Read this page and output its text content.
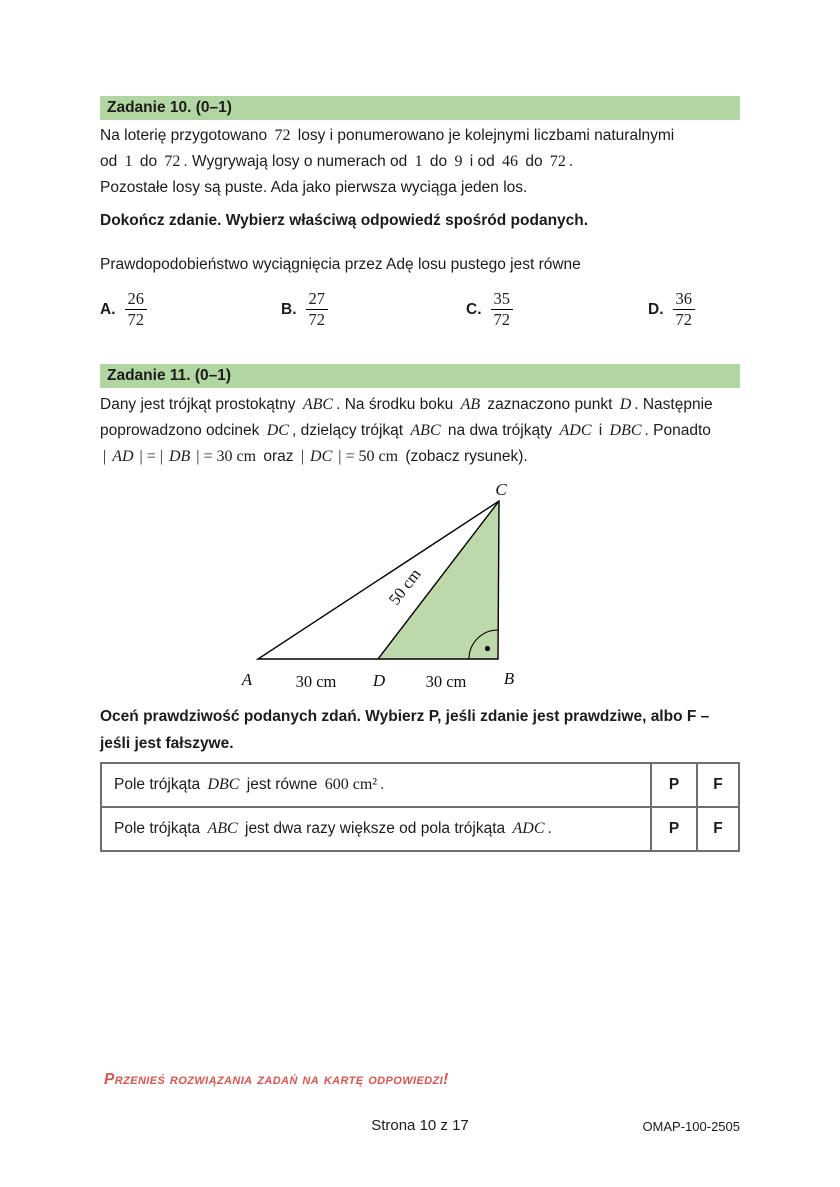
Zadanie 10. (0–1)
Na loterię przygotowano 72 losy i ponumerowano je kolejnymi liczbami naturalnymi
od 1 do 72 . Wygrywają losy o numerach od 1 do 9 i od 46 do 72 .
Pozostałe losy są puste. Ada jako pierwsza wyciąga jeden los.
Dokończ zdanie. Wybierz właściwą odpowiedź spośród podanych.
Prawdopodobieństwo wyciągnięcia przez Adę losu pustego jest równe
A. $\frac{26}{72}$	B. $\frac{27}{72}$	C. $\frac{35}{72}$	D. $\frac{36}{72}$
Zadanie 11. (0–1)
Dany jest trójkąt prostokątny ABC . Na środku boku AB zaznaczono punkt D . Następnie
poprowadzono odcinek DC , dzielący trójkąt ABC na dwa trójkąty ADC i DBC . Ponadto
| AD | = | DB | = 30 cm oraz | DC | = 50 cm (zobacz rysunek).
C
A	D	B
30 cm	30 cm
50 cm
Oceń prawdziwość podanych zdań. Wybierz P, jeśli zdanie jest prawdziwe, albo F –
jeśli jest fałszywe.
Pole trójkąta DBC jest równe 600 cm² .	P	F
Pole trójkąta ABC jest dwa razy większe od pola trójkąta ADC .	P	F
Przenieś rozwiązania zadań na kartę odpowiedzi!
Strona 10 z 17	OMAP-100-2505
